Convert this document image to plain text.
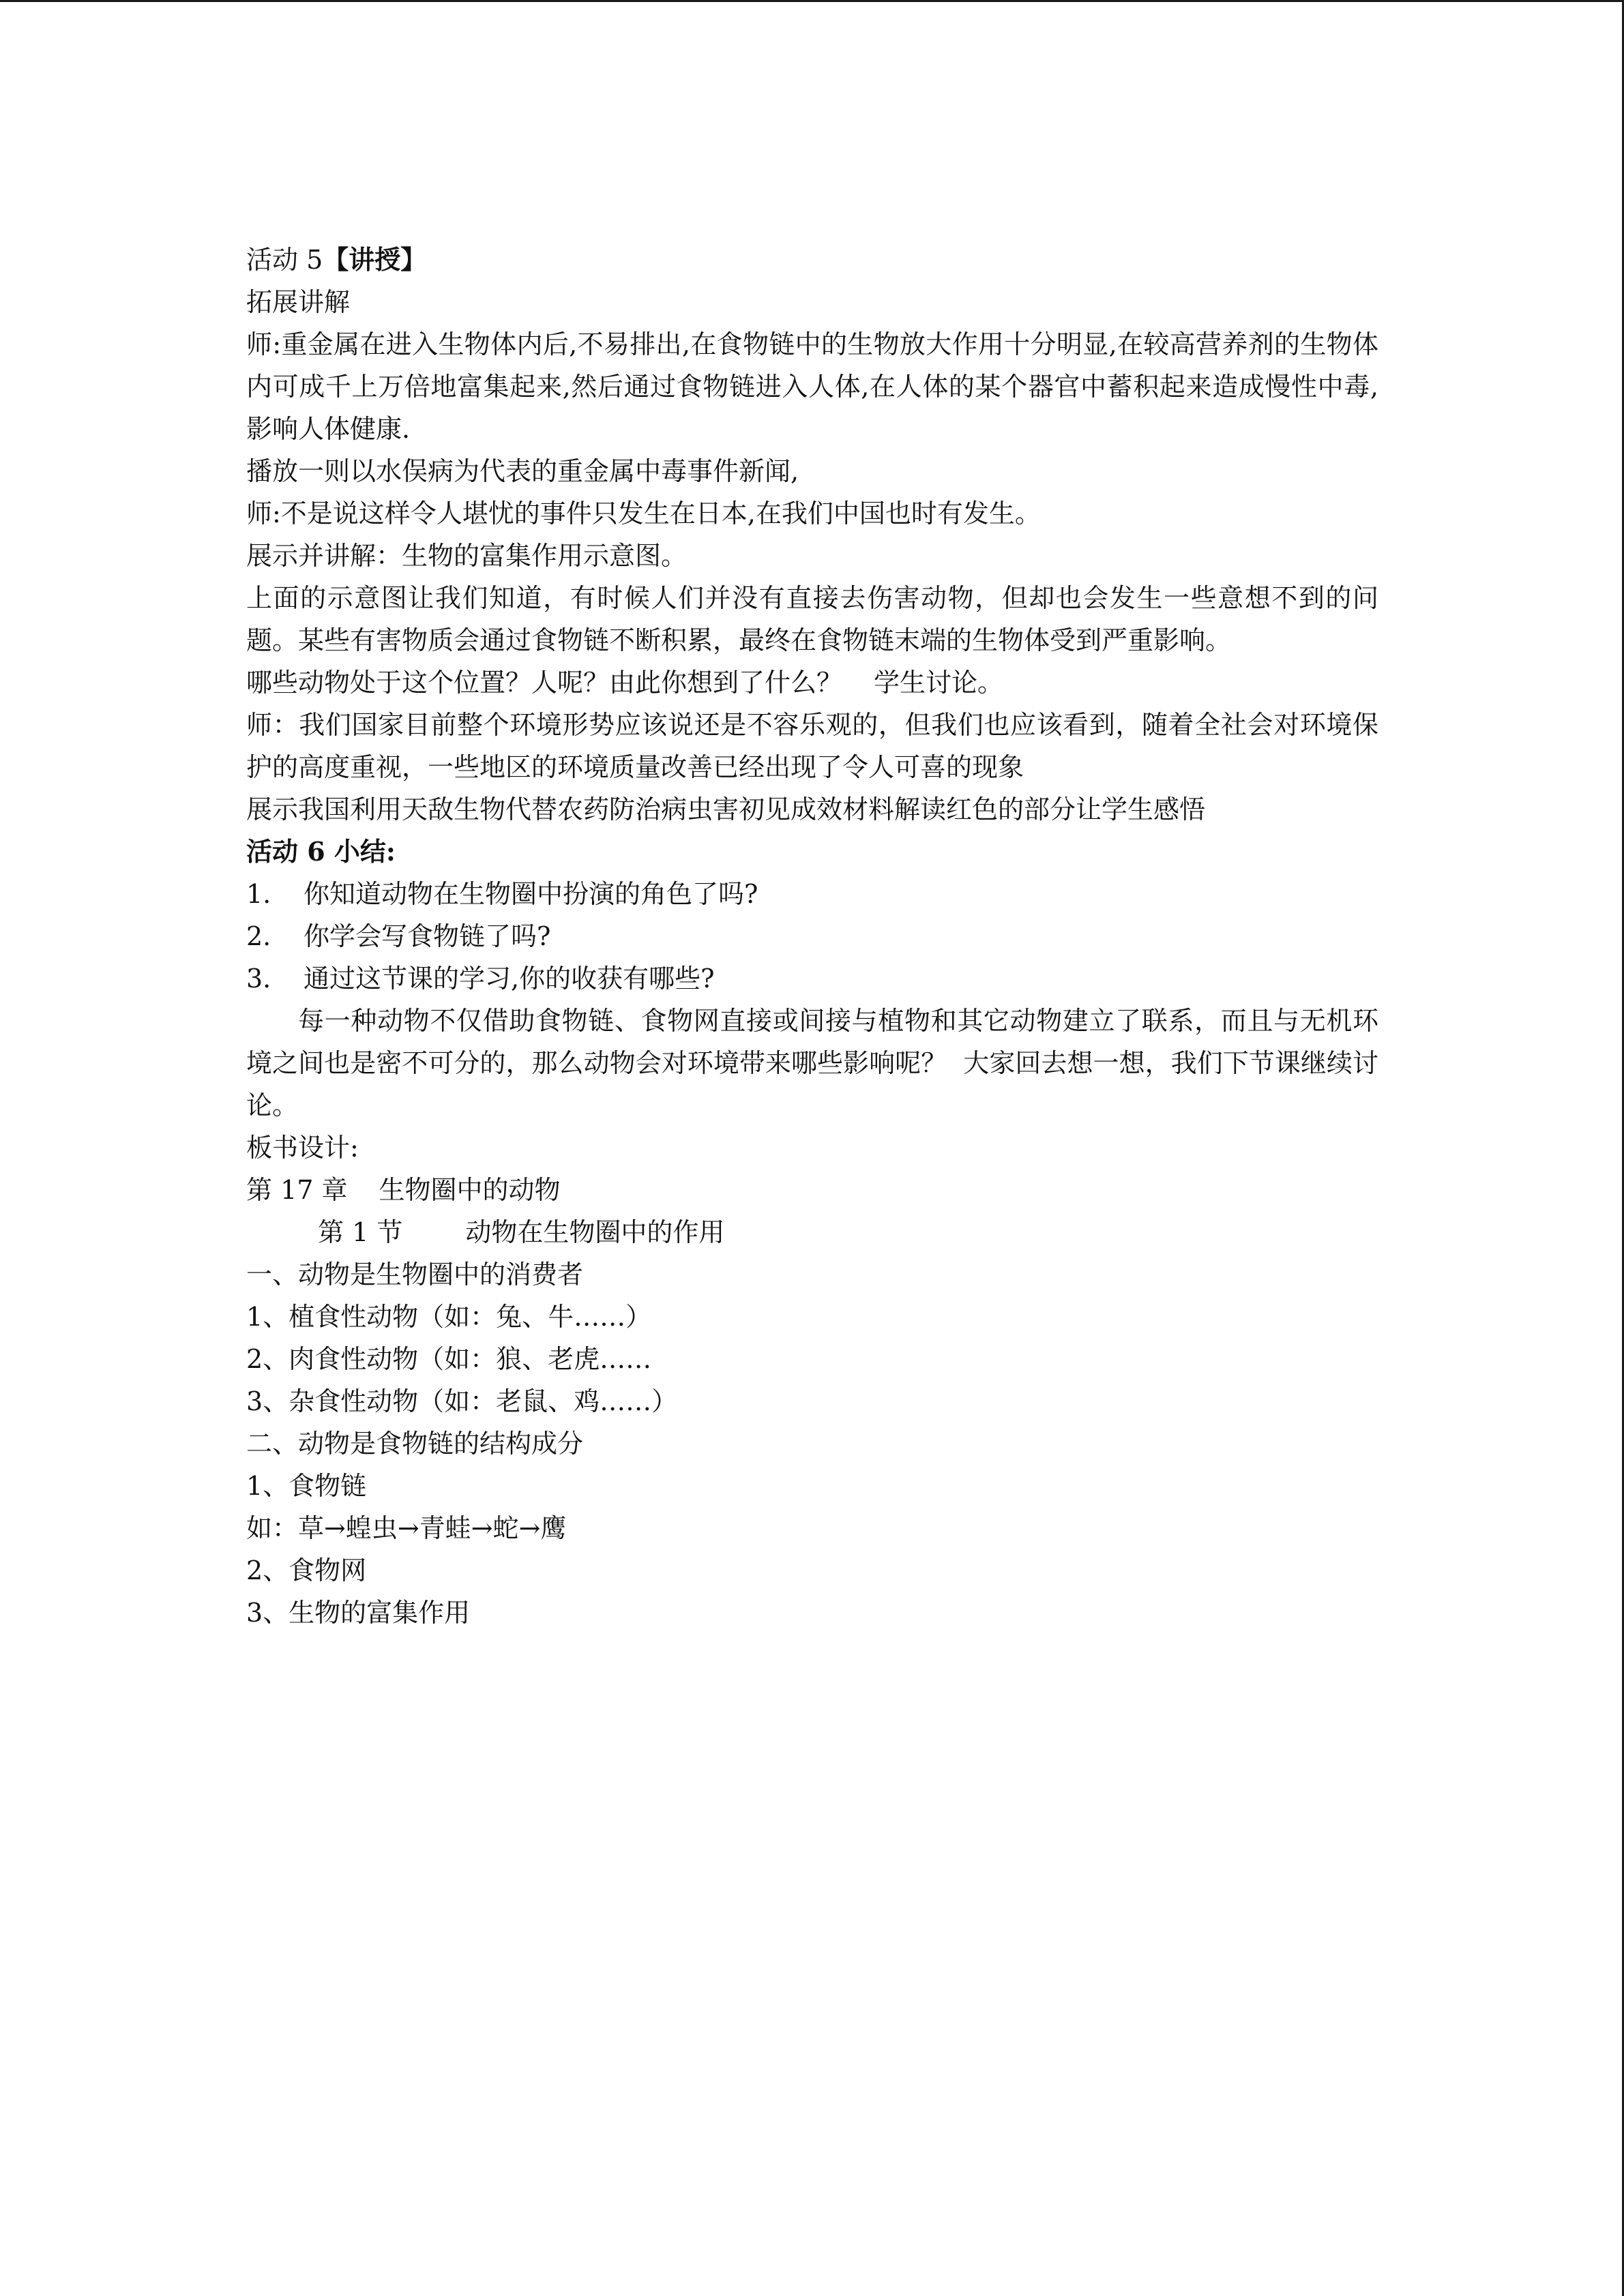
活动 5【讲授】
拓展讲解
师:重金属在进入生物体内后,不易排出,在食物链中的生物放大作用十分明显,在较高营养剂的生物体内可成千上万倍地富集起来,然后通过食物链进入人体,在人体的某个器官中蓄积起来造成慢性中毒,影响人体健康.
播放一则以水俣病为代表的重金属中毒事件新闻,
师:不是说这样令人堪忧的事件只发生在日本,在我们中国也时有发生。
展示并讲解：生物的富集作用示意图。
上面的示意图让我们知道，有时候人们并没有直接去伤害动物，但却也会发生一些意想不到的问题。某些有害物质会通过食物链不断积累，最终在食物链末端的生物体受到严重影响。
哪些动物处于这个位置？人呢？由此你想到了什么？ 学生讨论。
师：我们国家目前整个环境形势应该说还是不容乐观的，但我们也应该看到，随着全社会对环境保护的高度重视，一些地区的环境质量改善已经出现了令人可喜的现象
展示我国利用天敌生物代替农药防治病虫害初见成效材料解读红色的部分让学生感悟
活动 6 小结:
1.	你知道动物在生物圈中扮演的角色了吗?
2.	你学会写食物链了吗?
3.	通过这节课的学习,你的收获有哪些?
每一种动物不仅借助食物链、食物网直接或间接与植物和其它动物建立了联系，而且与无机环境之间也是密不可分的，那么动物会对环境带来哪些影响呢？ 大家回去想一想，我们下节课继续讨论。
板书设计:
第 17 章 生物圈中的动物
第 1 节 动物在生物圈中的作用
一、动物是生物圈中的消费者
1、植食性动物（如：兔、牛……）
2、肉食性动物（如：狼、老虎……
3、杂食性动物（如：老鼠、鸡……）
二、动物是食物链的结构成分
1、食物链
如：草→蝗虫→青蛙→蛇→鹰
2、食物网
3、生物的富集作用
